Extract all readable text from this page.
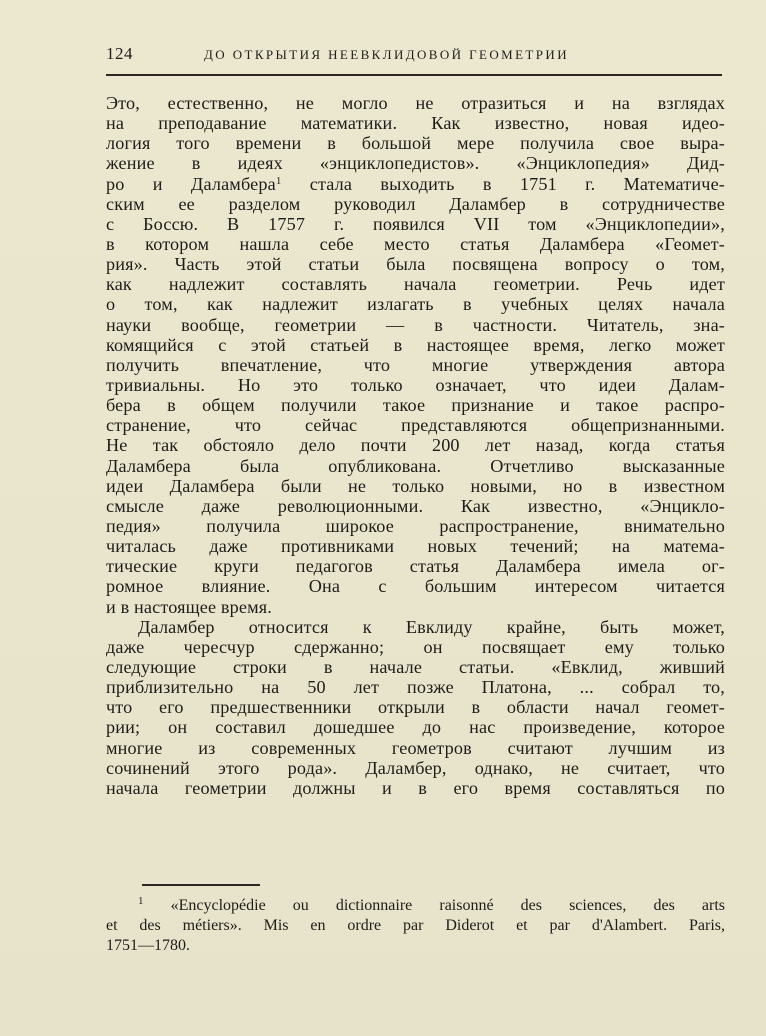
124	ДО ОТКРЫТИЯ НЕЕВКЛИДОВОЙ ГЕОМЕТРИИ
Это, естественно, не могло не отразиться и на взглядах
на преподавание математики. Как известно, новая идео-
логия того времени в большой мере получила свое выра-
жение в идеях «энциклопедистов». «Энциклопедия» Дид-
ро и Даламбера$^1$ стала выходить в 1751 г. Математиче-
ским ее разделом руководил Даламбер в сотрудничестве
с Боссю. В 1757 г. появился VII том «Энциклопедии»,
в котором нашла себе место статья Даламбера «Геомет-
рия». Часть этой статьи была посвящена вопросу о том,
как надлежит составлять начала геометрии. Речь идет
о том, как надлежит излагать в учебных целях начала
науки вообще, геометрии — в частности. Читатель, зна-
комящийся с этой статьей в настоящее время, легко может
получить впечатление, что многие утверждения автора
тривиальны. Но это только означает, что идеи Далам-
бера в общем получили такое признание и такое распро-
странение, что сейчас представляются общепризнанными.
Не так обстояло дело почти 200 лет назад, когда статья
Даламбера была опубликована. Отчетливо высказанные
идеи Даламбера были не только новыми, но в известном
смысле даже революционными. Как известно, «Энцикло-
педия» получила широкое распространение, внимательно
читалась даже противниками новых течений; на матема-
тические круги педагогов статья Даламбера имела ог-
ромное влияние. Она с большим интересом читается
и в настоящее время.
Даламбер относится к Евклиду крайне, быть может,
даже чересчур сдержанно; он посвящает ему только
следующие строки в начале статьи. «Евклид, живший
приблизительно на 50 лет позже Платона, ... собрал то,
что его предшественники открыли в области начал геомет-
рии; он составил дошедшее до нас произведение, которое
многие из современных геометров считают лучшим из
сочинений этого рода». Даламбер, однако, не считает, что
начала геометрии должны и в его время составляться по
$^1$ «Encyclopédie ou dictionnaire raisonné des sciences, des arts
et des métiers». Mis en ordre par Diderot et par d'Alambert. Paris,
1751—1780.
